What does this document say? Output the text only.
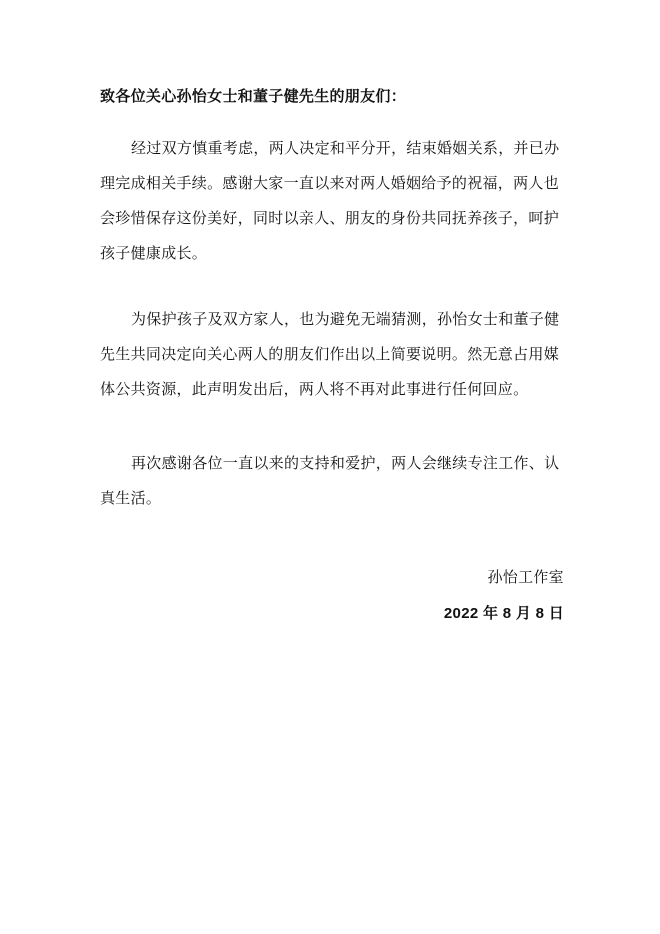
致各位关心孙怡女士和董子健先生的朋友们：
经过双方慎重考虑，两人决定和平分开，结束婚姻关系，并已办
理完成相关手续。感谢大家一直以来对两人婚姻给予的祝福，两人也
会珍惜保存这份美好，同时以亲人、朋友的身份共同抚养孩子，呵护
孩子健康成长。
为保护孩子及双方家人，也为避免无端猜测，孙怡女士和董子健
先生共同决定向关心两人的朋友们作出以上简要说明。然无意占用媒
体公共资源，此声明发出后，两人将不再对此事进行任何回应。
再次感谢各位一直以来的支持和爱护，两人会继续专注工作、认
真生活。
孙怡工作室
2022 年 8 月 8 日
